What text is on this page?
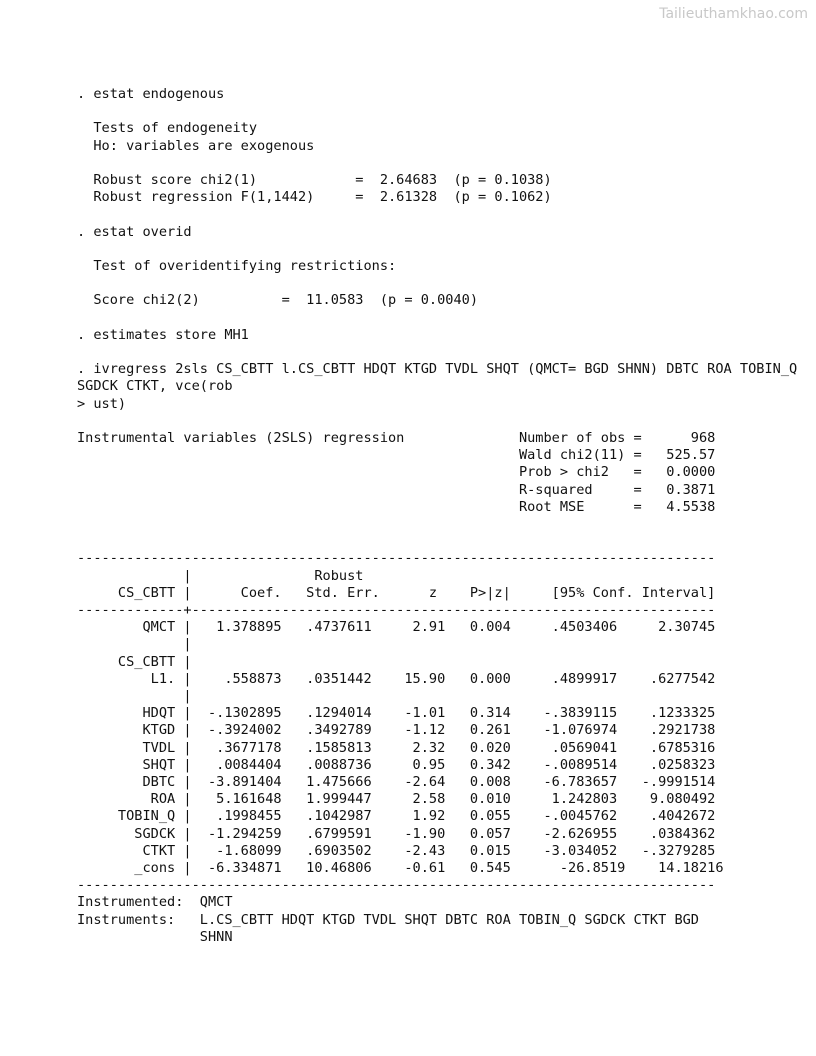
Tailieuthamkhao.com
. estat endogenous
Tests of endogeneity
Ho: variables are exogenous
Robust score chi2(1)            =  2.64683  (p = 0.1038)
Robust regression F(1,1442)     =  2.61328  (p = 0.1062)
. estat overid
Test of overidentifying restrictions:
Score chi2(2)          =  11.0583  (p = 0.0040)
. estimates store MH1
. ivregress 2sls CS_CBTT l.CS_CBTT HDQT KTGD TVDL SHQT (QMCT= BGD SHNN) DBTC ROA TOBIN_Q
SGDCK CTKT, vce(rob
> ust)
Instrumental variables (2SLS) regression              Number of obs =      968
Wald chi2(11) =   525.57
Prob > chi2   =   0.0000
R-squared     =   0.3871
Root MSE      =   4.5538
------------------------------------------------------------------------------
|               Robust
CS_CBTT |      Coef.   Std. Err.      z    P>|z|     [95% Conf. Interval]
-------------+----------------------------------------------------------------
QMCT |   1.378895   .4737611     2.91   0.004     .4503406     2.30745
|
CS_CBTT |
L1. |    .558873   .0351442    15.90   0.000     .4899917    .6277542
|
HDQT |  -.1302895   .1294014    -1.01   0.314    -.3839115    .1233325
KTGD |  -.3924002   .3492789    -1.12   0.261    -1.076974    .2921738
TVDL |   .3677178   .1585813     2.32   0.020     .0569041    .6785316
SHQT |   .0084404   .0088736     0.95   0.342    -.0089514    .0258323
DBTC |  -3.891404   1.475666    -2.64   0.008    -6.783657   -.9991514
ROA |   5.161648   1.999447     2.58   0.010     1.242803    9.080492
TOBIN_Q |   .1998455   .1042987     1.92   0.055    -.0045762    .4042672
SGDCK |  -1.294259   .6799591    -1.90   0.057    -2.626955    .0384362
CTKT |   -1.68099   .6903502    -2.43   0.015    -3.034052   -.3279285
_cons |  -6.334871   10.46806    -0.61   0.545      -26.8519    14.18216
------------------------------------------------------------------------------
Instrumented:  QMCT
Instruments:   L.CS_CBTT HDQT KTGD TVDL SHQT DBTC ROA TOBIN_Q SGDCK CTKT BGD
SHNN
